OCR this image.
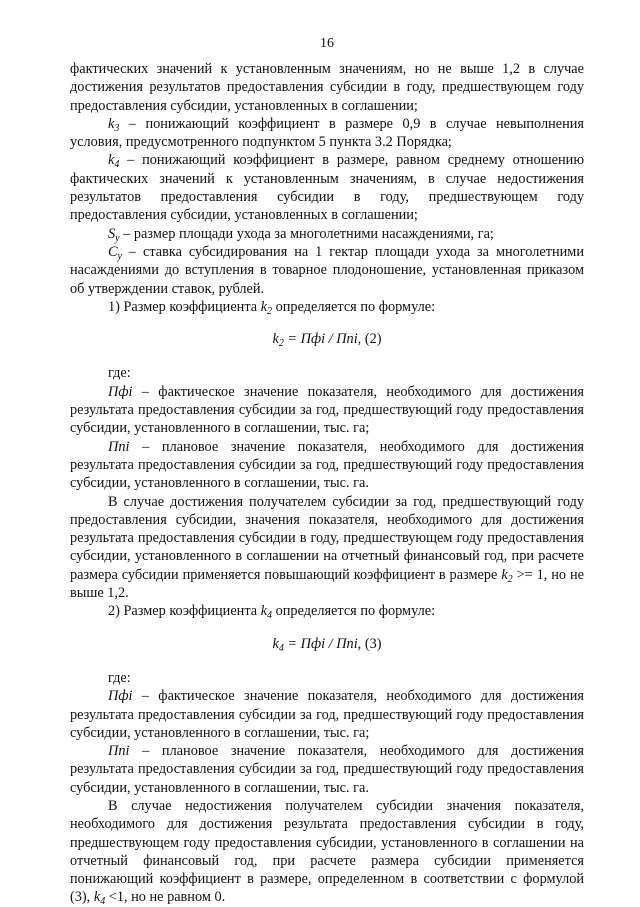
16

фактических значений к установленным значениям, но не выше 1,2 в случае достижения результатов предоставления субсидии в году, предшествующем году предоставления субсидии, установленных в соглашении;

$k_3$ – понижающий коэффициент в размере 0,9 в случае невыполнения условия, предусмотренного подпунктом 5 пункта 3.2 Порядка;

$k_4$ – понижающий коэффициент в размере, равном среднему отношению фактических значений к установленным значениям, в случае недостижения результатов предоставления субсидии в году, предшествующем году предоставления субсидии, установленных в соглашении;

$S_у$ – размер площади ухода за многолетними насаждениями, га;

$C_у$ – ставка субсидирования на 1 гектар площади ухода за многолетними насаждениями до вступления в товарное плодоношение, установленная приказом об утверждении ставок, рублей.

1) Размер коэффициента $k_2$ определяется по формуле:

$k_2$ = Пфi / Пni, (2)

где:

Пфi – фактическое значение показателя, необходимого для достижения результата предоставления субсидии за год, предшествующий году предоставления субсидии, установленного в соглашении, тыс. га;

Пni – плановое значение показателя, необходимого для достижения результата предоставления субсидии за год, предшествующий году предоставления субсидии, установленного в соглашении, тыс. га.

В случае достижения получателем субсидии за год, предшествующий году предоставления субсидии, значения показателя, необходимого для достижения результата предоставления субсидии в году, предшествующем году предоставления субсидии, установленного в соглашении на отчетный финансовый год, при расчете размера субсидии применяется повышающий коэффициент в размере $k_2 >= 1$, но не выше 1,2.

2) Размер коэффициента $k_4$ определяется по формуле:

$k_4$ = Пфi / Пni, (3)

где:

Пфi – фактическое значение показателя, необходимого для достижения результата предоставления субсидии за год, предшествующий году предоставления субсидии, установленного в соглашении, тыс. га;

Пni – плановое значение показателя, необходимого для достижения результата предоставления субсидии за год, предшествующий году предоставления субсидии, установленного в соглашении, тыс. га.

В случае недостижения получателем субсидии значения показателя, необходимого для достижения результата предоставления субсидии в году, предшествующем году предоставления субсидии, установленного в соглашении на отчетный финансовый год, при расчете размера субсидии применяется понижающий коэффициент в размере, определенном в соответствии с формулой (3), $k_4 <1$, но не равном 0.
